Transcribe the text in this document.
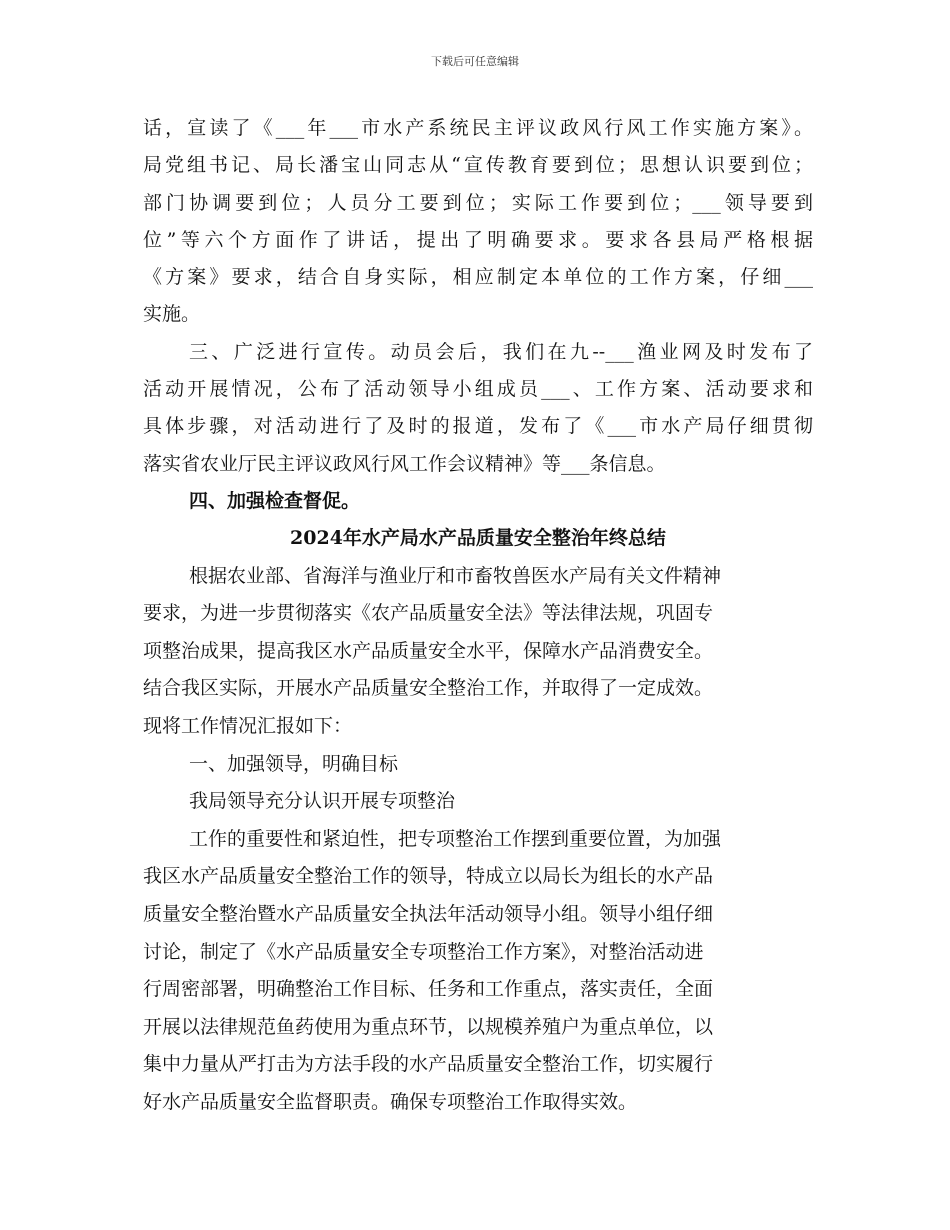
下载后可任意编辑
话，宣读了《___年___市水产系统民主评议政风行风工作实施方案》。
局党组书记、局长潘宝山同志从“宣传教育要到位；思想认识要到位；
部门协调要到位；人员分工要到位；实际工作要到位；___领导要到
位”等六个方面作了讲话，提出了明确要求。要求各县局严格根据
《方案》要求，结合自身实际，相应制定本单位的工作方案，仔细___
实施。
三、广泛进行宣传。动员会后，我们在九--___渔业网及时发布了
活动开展情况，公布了活动领导小组成员___、工作方案、活动要求和
具体步骤，对活动进行了及时的报道，发布了《___市水产局仔细贯彻
落实省农业厅民主评议政风行风工作会议精神》等___条信息。
四、加强检查督促。
2024年水产局水产品质量安全整治年终总结
根据农业部、省海洋与渔业厅和市畜牧兽医水产局有关文件精神
要求，为进一步贯彻落实《农产品质量安全法》等法律法规，巩固专
项整治成果，提高我区水产品质量安全水平，保障水产品消费安全。
结合我区实际，开展水产品质量安全整治工作，并取得了一定成效。
现将工作情况汇报如下：
一、加强领导，明确目标
我局领导充分认识开展专项整治
工作的重要性和紧迫性，把专项整治工作摆到重要位置，为加强
我区水产品质量安全整治工作的领导，特成立以局长为组长的水产品
质量安全整治暨水产品质量安全执法年活动领导小组。领导小组仔细
讨论，制定了《水产品质量安全专项整治工作方案》，对整治活动进
行周密部署，明确整治工作目标、任务和工作重点，落实责任，全面
开展以法律规范鱼药使用为重点环节，以规模养殖户为重点单位，以
集中力量从严打击为方法手段的水产品质量安全整治工作，切实履行
好水产品质量安全监督职责。确保专项整治工作取得实效。
